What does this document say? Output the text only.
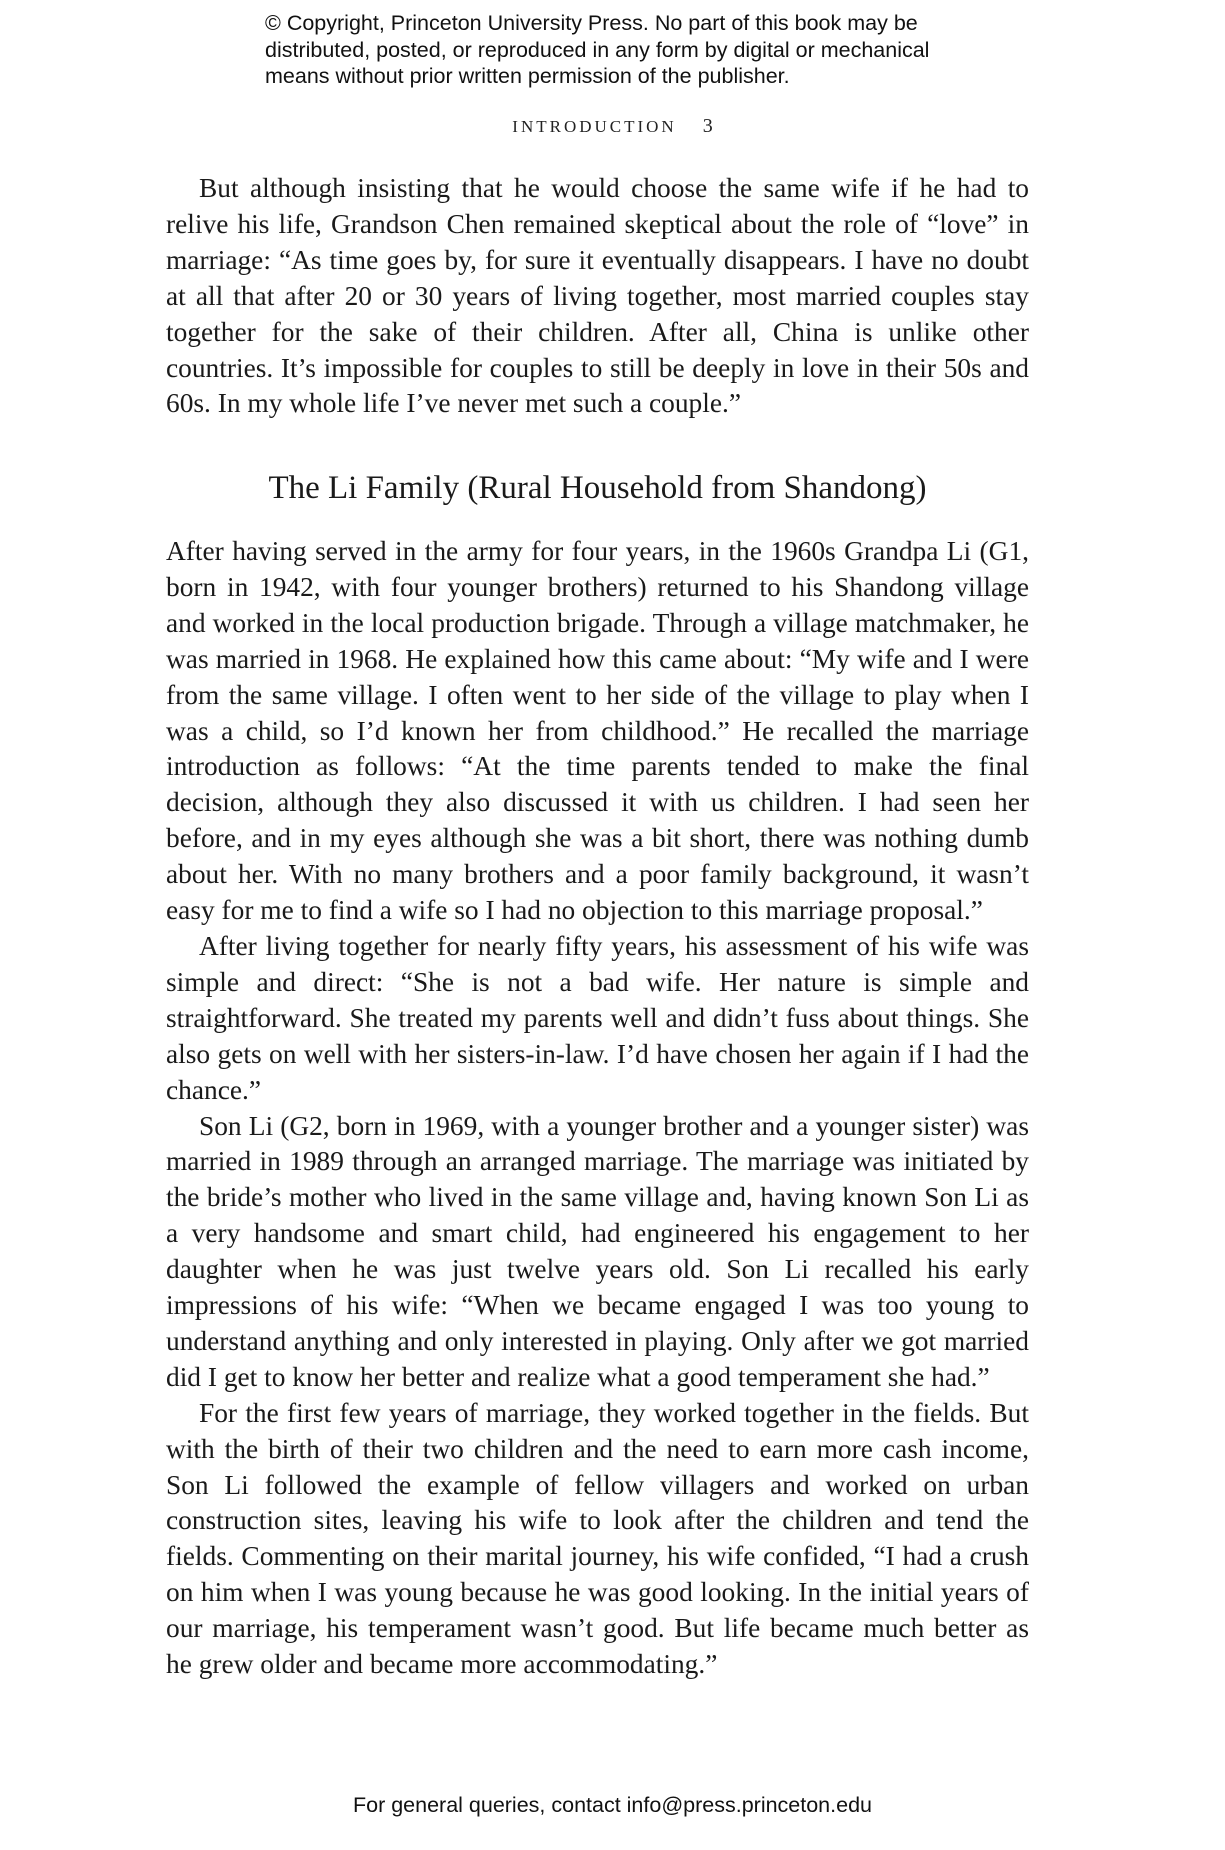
© Copyright, Princeton University Press. No part of this book may be
distributed, posted, or reproduced in any form by digital or mechanical
means without prior written permission of the publisher.
INTRODUCTION 3

But although insisting that he would choose the same wife if he had to relive his life, Grandson Chen remained skeptical about the role of “love” in marriage: “As time goes by, for sure it eventually disappears. I have no doubt at all that after 20 or 30 years of living together, most married couples stay together for the sake of their children. After all, China is unlike other countries. It’s impossible for couples to still be deeply in love in their 50s and 60s. In my whole life I’ve never met such a couple.”

The Li Family (Rural Household from Shandong)

After having served in the army for four years, in the 1960s Grandpa Li (G1, born in 1942, with four younger brothers) returned to his Shandong village and worked in the local production brigade. Through a village matchmaker, he was married in 1968. He explained how this came about: “My wife and I were from the same village. I often went to her side of the village to play when I was a child, so I’d known her from childhood.” He recalled the marriage introduction as follows: “At the time parents tended to make the final decision, although they also discussed it with us children. I had seen her before, and in my eyes although she was a bit short, there was nothing dumb about her. With no many brothers and a poor family background, it wasn’t easy for me to find a wife so I had no objection to this marriage proposal.”

After living together for nearly fifty years, his assessment of his wife was simple and direct: “She is not a bad wife. Her nature is simple and straightforward. She treated my parents well and didn’t fuss about things. She also gets on well with her sisters-in-law. I’d have chosen her again if I had the chance.”

Son Li (G2, born in 1969, with a younger brother and a younger sister) was married in 1989 through an arranged marriage. The marriage was initiated by the bride’s mother who lived in the same village and, having known Son Li as a very handsome and smart child, had engineered his engagement to her daughter when he was just twelve years old. Son Li recalled his early impressions of his wife: “When we became engaged I was too young to understand anything and only interested in playing. Only after we got married did I get to know her better and realize what a good temperament she had.”

For the first few years of marriage, they worked together in the fields. But with the birth of their two children and the need to earn more cash income, Son Li followed the example of fellow villagers and worked on urban construction sites, leaving his wife to look after the children and tend the fields. Commenting on their marital journey, his wife confided, “I had a crush on him when I was young because he was good looking. In the initial years of our marriage, his temperament wasn’t good. But life became much better as he grew older and became more accommodating.”

For general queries, contact info@press.princeton.edu
